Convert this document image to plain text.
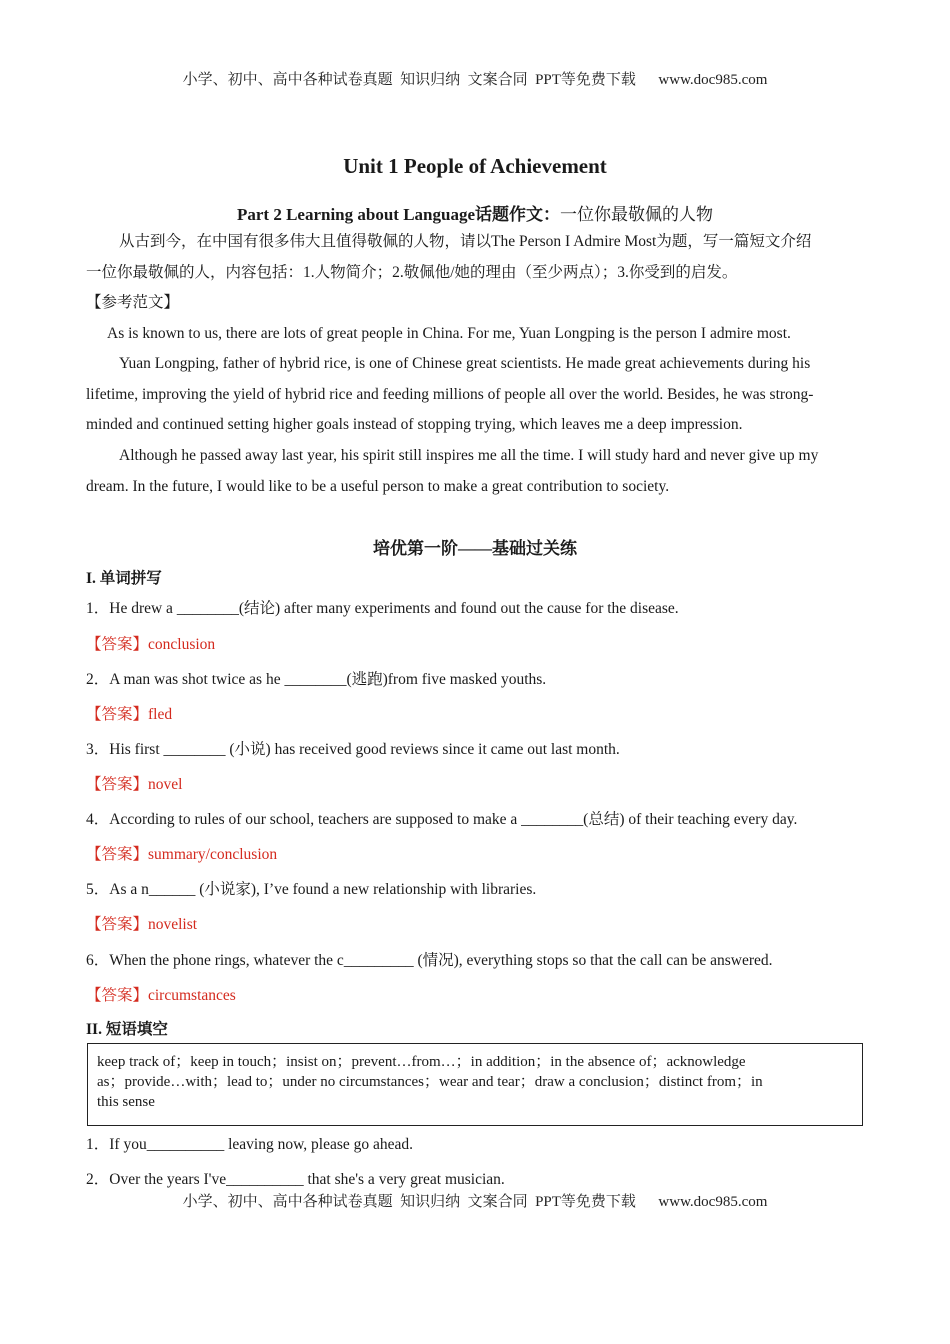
小学、初中、高中各种试卷真题  知识归纳  文案合同  PPT等免费下载      www.doc985.com
Unit 1 People of Achievement
Part 2 Learning about Language话题作文：一位你最敬佩的人物
从古到今，在中国有很多伟大且值得敬佩的人物，请以The Person I Admire Most为题，写一篇短文介绍
一位你最敬佩的人，内容包括：1.人物简介；2.敬佩他/她的理由（至少两点）；3.你受到的启发。
【参考范文】
As is known to us, there are lots of great people in China. For me, Yuan Longping is the person I admire most.
Yuan Longping, father of hybrid rice, is one of Chinese great scientists. He made great achievements during his
lifetime, improving the yield of hybrid rice and feeding millions of people all over the world. Besides, he was strong-
minded and continued setting higher goals instead of stopping trying, which leaves me a deep impression.
Although he passed away last year, his spirit still inspires me all the time. I will study hard and never give up my
dream. In the future, I would like to be a useful person to make a great contribution to society.
培优第一阶——基础过关练
I. 单词拼写
1．He drew a ________(结论) after many experiments and found out the cause for the disease.
【答案】conclusion
2．A man was shot twice as he ________(逃跑)from five masked youths.
【答案】fled
3．His first ________ (小说) has received good reviews since it came out last month.
【答案】novel
4．According to rules of our school, teachers are supposed to make a ________(总结) of their teaching every day.
【答案】summary/conclusion
5．As a n______ (小说家), I’ve found a new relationship with libraries.
【答案】novelist
6．When the phone rings, whatever the c_________ (情况), everything stops so that the call can be answered.
【答案】circumstances
II. 短语填空
keep track of；keep in touch；insist on；prevent…from…；in addition；in the absence of；acknowledge
as；provide…with；lead to；under no circumstances；wear and tear；draw a conclusion；distinct from；in
this sense
1．If you__________ leaving now, please go ahead.
2．Over the years I've__________ that she's a very great musician.
小学、初中、高中各种试卷真题  知识归纳  文案合同  PPT等免费下载      www.doc985.com
